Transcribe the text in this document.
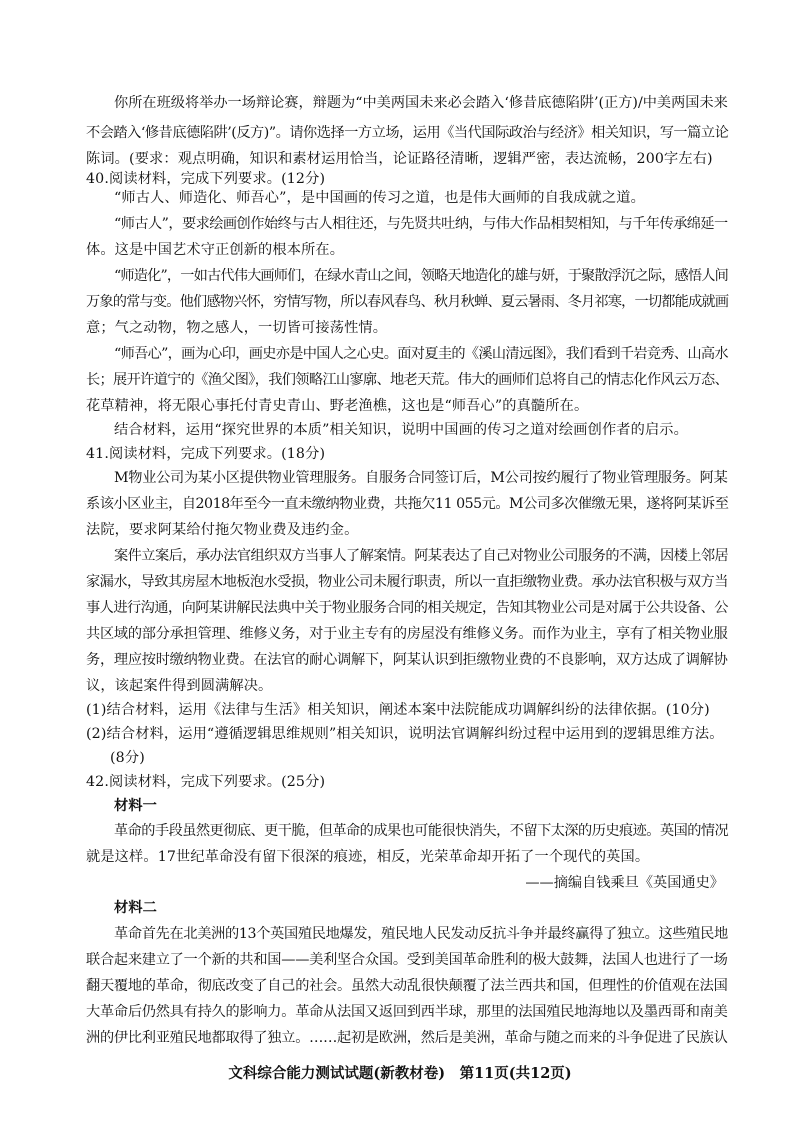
你所在班级将举办一场辩论赛，辩题为“中美两国未来必会踏入‘修昔底德陷阱’(正方)/中美两国未来
不会踏入‘修昔底德陷阱’(反方)”。请你选择一方立场，运用《当代国际政治与经济》相关知识，写一篇立论
陈词。(要求：观点明确，知识和素材运用恰当，论证路径清晰，逻辑严密，表达流畅，200字左右)
40.阅读材料，完成下列要求。(12分)
“师古人、师造化、师吾心”，是中国画的传习之道，也是伟大画师的自我成就之道。
“师古人”，要求绘画创作始终与古人相往还，与先贤共吐纳，与伟大作品相契相知，与千年传承绵延一
体。这是中国艺术守正创新的根本所在。
“师造化”，一如古代伟大画师们，在绿水青山之间，领略天地造化的雄与妍，于聚散浮沉之际，感悟人间
万象的常与变。他们感物兴怀，穷情写物，所以春风春鸟、秋月秋蝉、夏云暑雨、冬月祁寒，一切都能成就画
意；气之动物，物之感人，一切皆可接荡性情。
“师吾心”，画为心印，画史亦是中国人之心史。面对夏圭的《溪山清远图》，我们看到千岩竞秀、山高水
长；展开许道宁的《渔父图》，我们领略江山寥廓、地老天荒。伟大的画师们总将自己的情志化作风云万态、
花草精神，将无限心事托付青史青山、野老渔樵，这也是“师吾心”的真髓所在。
结合材料，运用“探究世界的本质”相关知识，说明中国画的传习之道对绘画创作者的启示。
41.阅读材料，完成下列要求。(18分)
M物业公司为某小区提供物业管理服务。自服务合同签订后，M公司按约履行了物业管理服务。阿某
系该小区业主，自2018年至今一直未缴纳物业费，共拖欠11 055元。M公司多次催缴无果，遂将阿某诉至
法院，要求阿某给付拖欠物业费及违约金。
案件立案后，承办法官组织双方当事人了解案情。阿某表达了自己对物业公司服务的不满，因楼上邻居
家漏水，导致其房屋木地板泡水受损，物业公司未履行职责，所以一直拒缴物业费。承办法官积极与双方当
事人进行沟通，向阿某讲解民法典中关于物业服务合同的相关规定，告知其物业公司是对属于公共设备、公
共区域的部分承担管理、维修义务，对于业主专有的房屋没有维修义务。而作为业主，享有了相关物业服
务，理应按时缴纳物业费。在法官的耐心调解下，阿某认识到拒缴物业费的不良影响，双方达成了调解协
议，该起案件得到圆满解决。
(1)结合材料，运用《法律与生活》相关知识，阐述本案中法院能成功调解纠纷的法律依据。(10分)
(2)结合材料，运用“遵循逻辑思维规则”相关知识，说明法官调解纠纷过程中运用到的逻辑思维方法。
(8分)
42.阅读材料，完成下列要求。(25分)
材料一
革命的手段虽然更彻底、更干脆，但革命的成果也可能很快消失，不留下太深的历史痕迹。英国的情况
就是这样。17世纪革命没有留下很深的痕迹，相反，光荣革命却开拓了一个现代的英国。
——摘编自钱乘旦《英国通史》
材料二
革命首先在北美洲的13个英国殖民地爆发，殖民地人民发动反抗斗争并最终赢得了独立。这些殖民地
联合起来建立了一个新的共和国——美利坚合众国。受到美国革命胜利的极大鼓舞，法国人也进行了一场
翻天覆地的革命，彻底改变了自己的社会。虽然大动乱很快颠覆了法兰西共和国，但理性的价值观在法国
大革命后仍然具有持久的影响力。革命从法国又返回到西半球，那里的法国殖民地海地以及墨西哥和南美
洲的伊比利亚殖民地都取得了独立。……起初是欧洲，然后是美洲，革命与随之而来的斗争促进了民族认
文科综合能力测试试题(新教材卷)　第11页(共12页)
